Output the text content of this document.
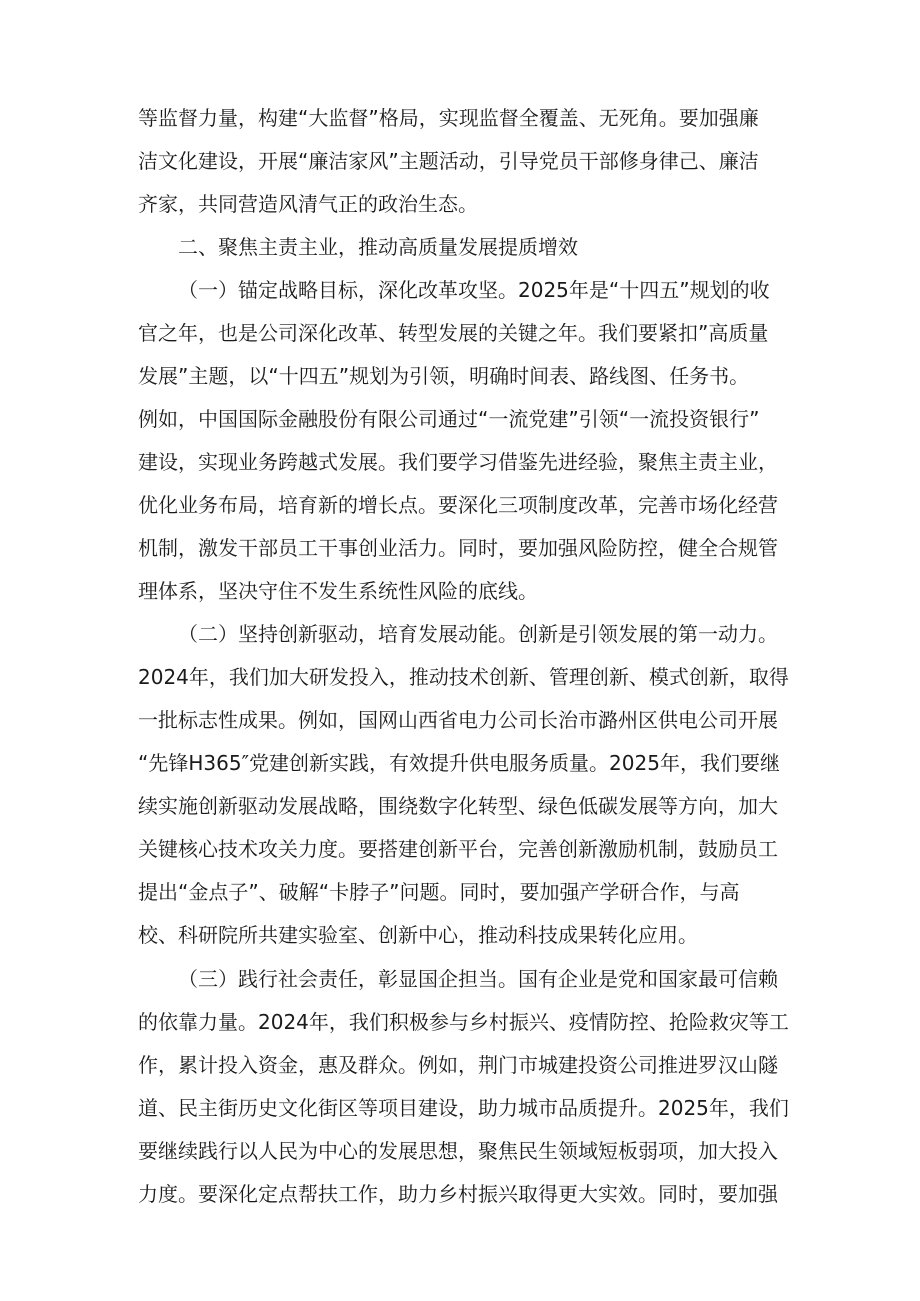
等监督力量，构建“大监督”格局，实现监督全覆盖、无死角。要加强廉
洁文化建设，开展“廉洁家风”主题活动，引导党员干部修身律己、廉洁
齐家，共同营造风清气正的政治生态。
二、聚焦主责主业，推动高质量发展提质增效
（一）锚定战略目标，深化改革攻坚。2025年是“十四五”规划的收
官之年，也是公司深化改革、转型发展的关键之年。我们要紧扣”高质量
发展”主题，以“十四五”规划为引领，明确时间表、路线图、任务书。
例如，中国国际金融股份有限公司通过“一流党建”引领“一流投资银行”
建设，实现业务跨越式发展。我们要学习借鉴先进经验，聚焦主责主业，
优化业务布局，培育新的增长点。要深化三项制度改革，完善市场化经营
机制，激发干部员工干事创业活力。同时，要加强风险防控，健全合规管
理体系，坚决守住不发生系统性风险的底线。
（二）坚持创新驱动，培育发展动能。创新是引领发展的第一动力。
2024年，我们加大研发投入，推动技术创新、管理创新、模式创新，取得
一批标志性成果。例如，国网山西省电力公司长治市潞州区供电公司开展
“先锋H365″党建创新实践，有效提升供电服务质量。2025年，我们要继
续实施创新驱动发展战略，围绕数字化转型、绿色低碳发展等方向，加大
关键核心技术攻关力度。要搭建创新平台，完善创新激励机制，鼓励员工
提出“金点子”、破解“卡脖子”问题。同时，要加强产学研合作，与高
校、科研院所共建实验室、创新中心，推动科技成果转化应用。
（三）践行社会责任，彰显国企担当。国有企业是党和国家最可信赖
的依靠力量。2024年，我们积极参与乡村振兴、疫情防控、抢险救灾等工
作，累计投入资金，惠及群众。例如，荆门市城建投资公司推进罗汉山隧
道、民主街历史文化街区等项目建设，助力城市品质提升。2025年，我们
要继续践行以人民为中心的发展思想，聚焦民生领域短板弱项，加大投入
力度。要深化定点帮扶工作，助力乡村振兴取得更大实效。同时，要加强
